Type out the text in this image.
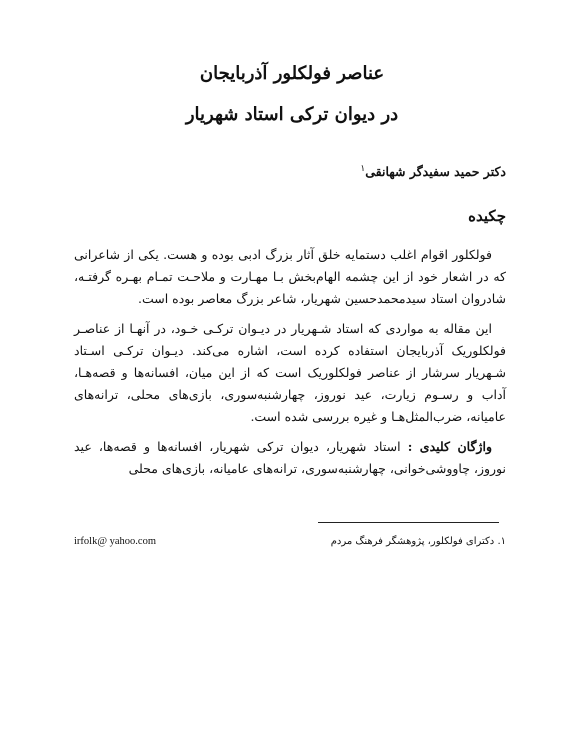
عناصر فولکلور آذربایجان
در دیوان ترکی استاد شهریار
دکتر حمید سفیدگر شهانقی$^۱$
چکیده
فولکلور اقوام اغلب دستمایه خلق آثار بزرگ ادبی بوده و هست. یکی از شاعرانی که در اشعار خود از این چشمه الهام‌بخش بـا مهـارت و ملاحـت تمـام بهـره گرفتـه، شادروان استاد سیدمحمدحسین شهریار، شاعر بزرگ معاصر بوده است.
این مقاله به مواردی که استاد شـهریار در دیـوان ترکـی خـود، در آنهـا از عناصـر فولکلوریک آذربایجان استفاده کرده است، اشاره می‌کند. دیـوان ترکـی اسـتاد شـهریار سرشار از عناصر فولکلوریک است که از این میان، افسانه‌ها و قصه‌هـا، آداب و رسـوم زیارت، عید نوروز، چهارشنبه‌سوری، بازی‌های محلی، ترانه‌های عامیانه، ضرب‌المثل‌هـا و غیره بررسی شده است.
واژگان کلیدی : استاد شهریار، دیوان ترکی شهریار، افسانه‌ها و قصه‌ها، عید نوروز، چاووشی‌خوانی، چهارشنبه‌سوری، ترانه‌های عامیانه، بازی‌های محلی
۱. دکترای فولکلور، پژوهشگر فرهنگ مردم
irfolk@ yahoo.com
